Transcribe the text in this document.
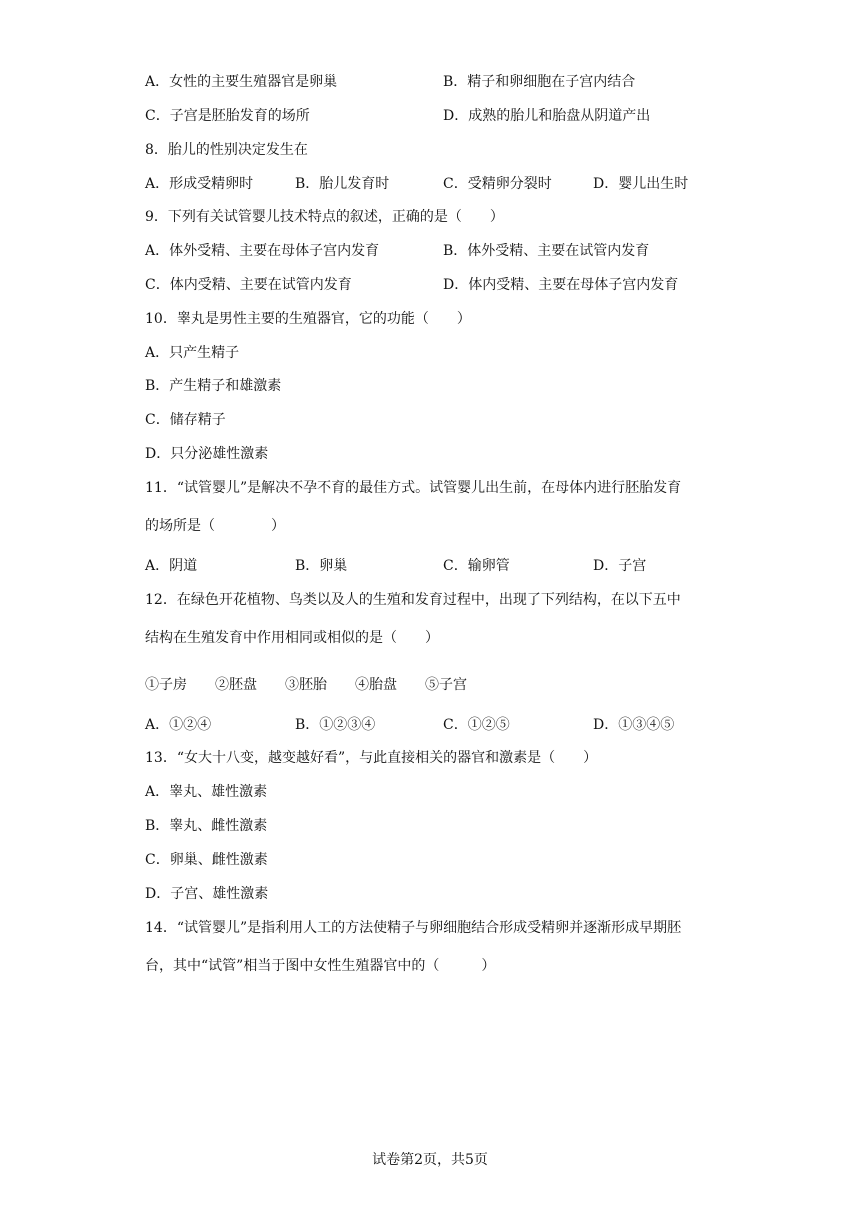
A．女性的主要生殖器官是卵巢	B．精子和卵细胞在子宫内结合
C．子宫是胚胎发育的场所	D．成熟的胎儿和胎盘从阴道产出
8．胎儿的性别决定发生在
A．形成受精卵时	B．胎儿发育时	C．受精卵分裂时	D．婴儿出生时
9．下列有关试管婴儿技术特点的叙述，正确的是（　　）
A．体外受精、主要在母体子宫内发育	B．体外受精、主要在试管内发育
C．体内受精、主要在试管内发育	D．体内受精、主要在母体子宫内发育
10．睾丸是男性主要的生殖器官，它的功能（　　）
A．只产生精子
B．产生精子和雄激素
C．储存精子
D．只分泌雄性激素
11．“试管婴儿”是解决不孕不育的最佳方式。试管婴儿出生前，在母体内进行胚胎发育
的场所是（　　　　）
A．阴道	B．卵巢	C．输卵管	D．子宫
12．在绿色开花植物、鸟类以及人的生殖和发育过程中，出现了下列结构，在以下五中
结构在生殖发育中作用相同或相似的是（　　）
①子房 ②胚盘 ③胚胎 ④胎盘 ⑤子宫
A．①②④	B．①②③④	C．①②⑤	D．①③④⑤
13．“女大十八变，越变越好看”，与此直接相关的器官和激素是（　　）
A．睾丸、雄性激素
B．睾丸、雌性激素
C．卵巢、雌性激素
D．子宫、雄性激素
14．“试管婴儿”是指利用人工的方法使精子与卵细胞结合形成受精卵并逐渐形成早期胚
台，其中“试管”相当于图中女性生殖器官中的（　　　）
试卷第2页，共5页
